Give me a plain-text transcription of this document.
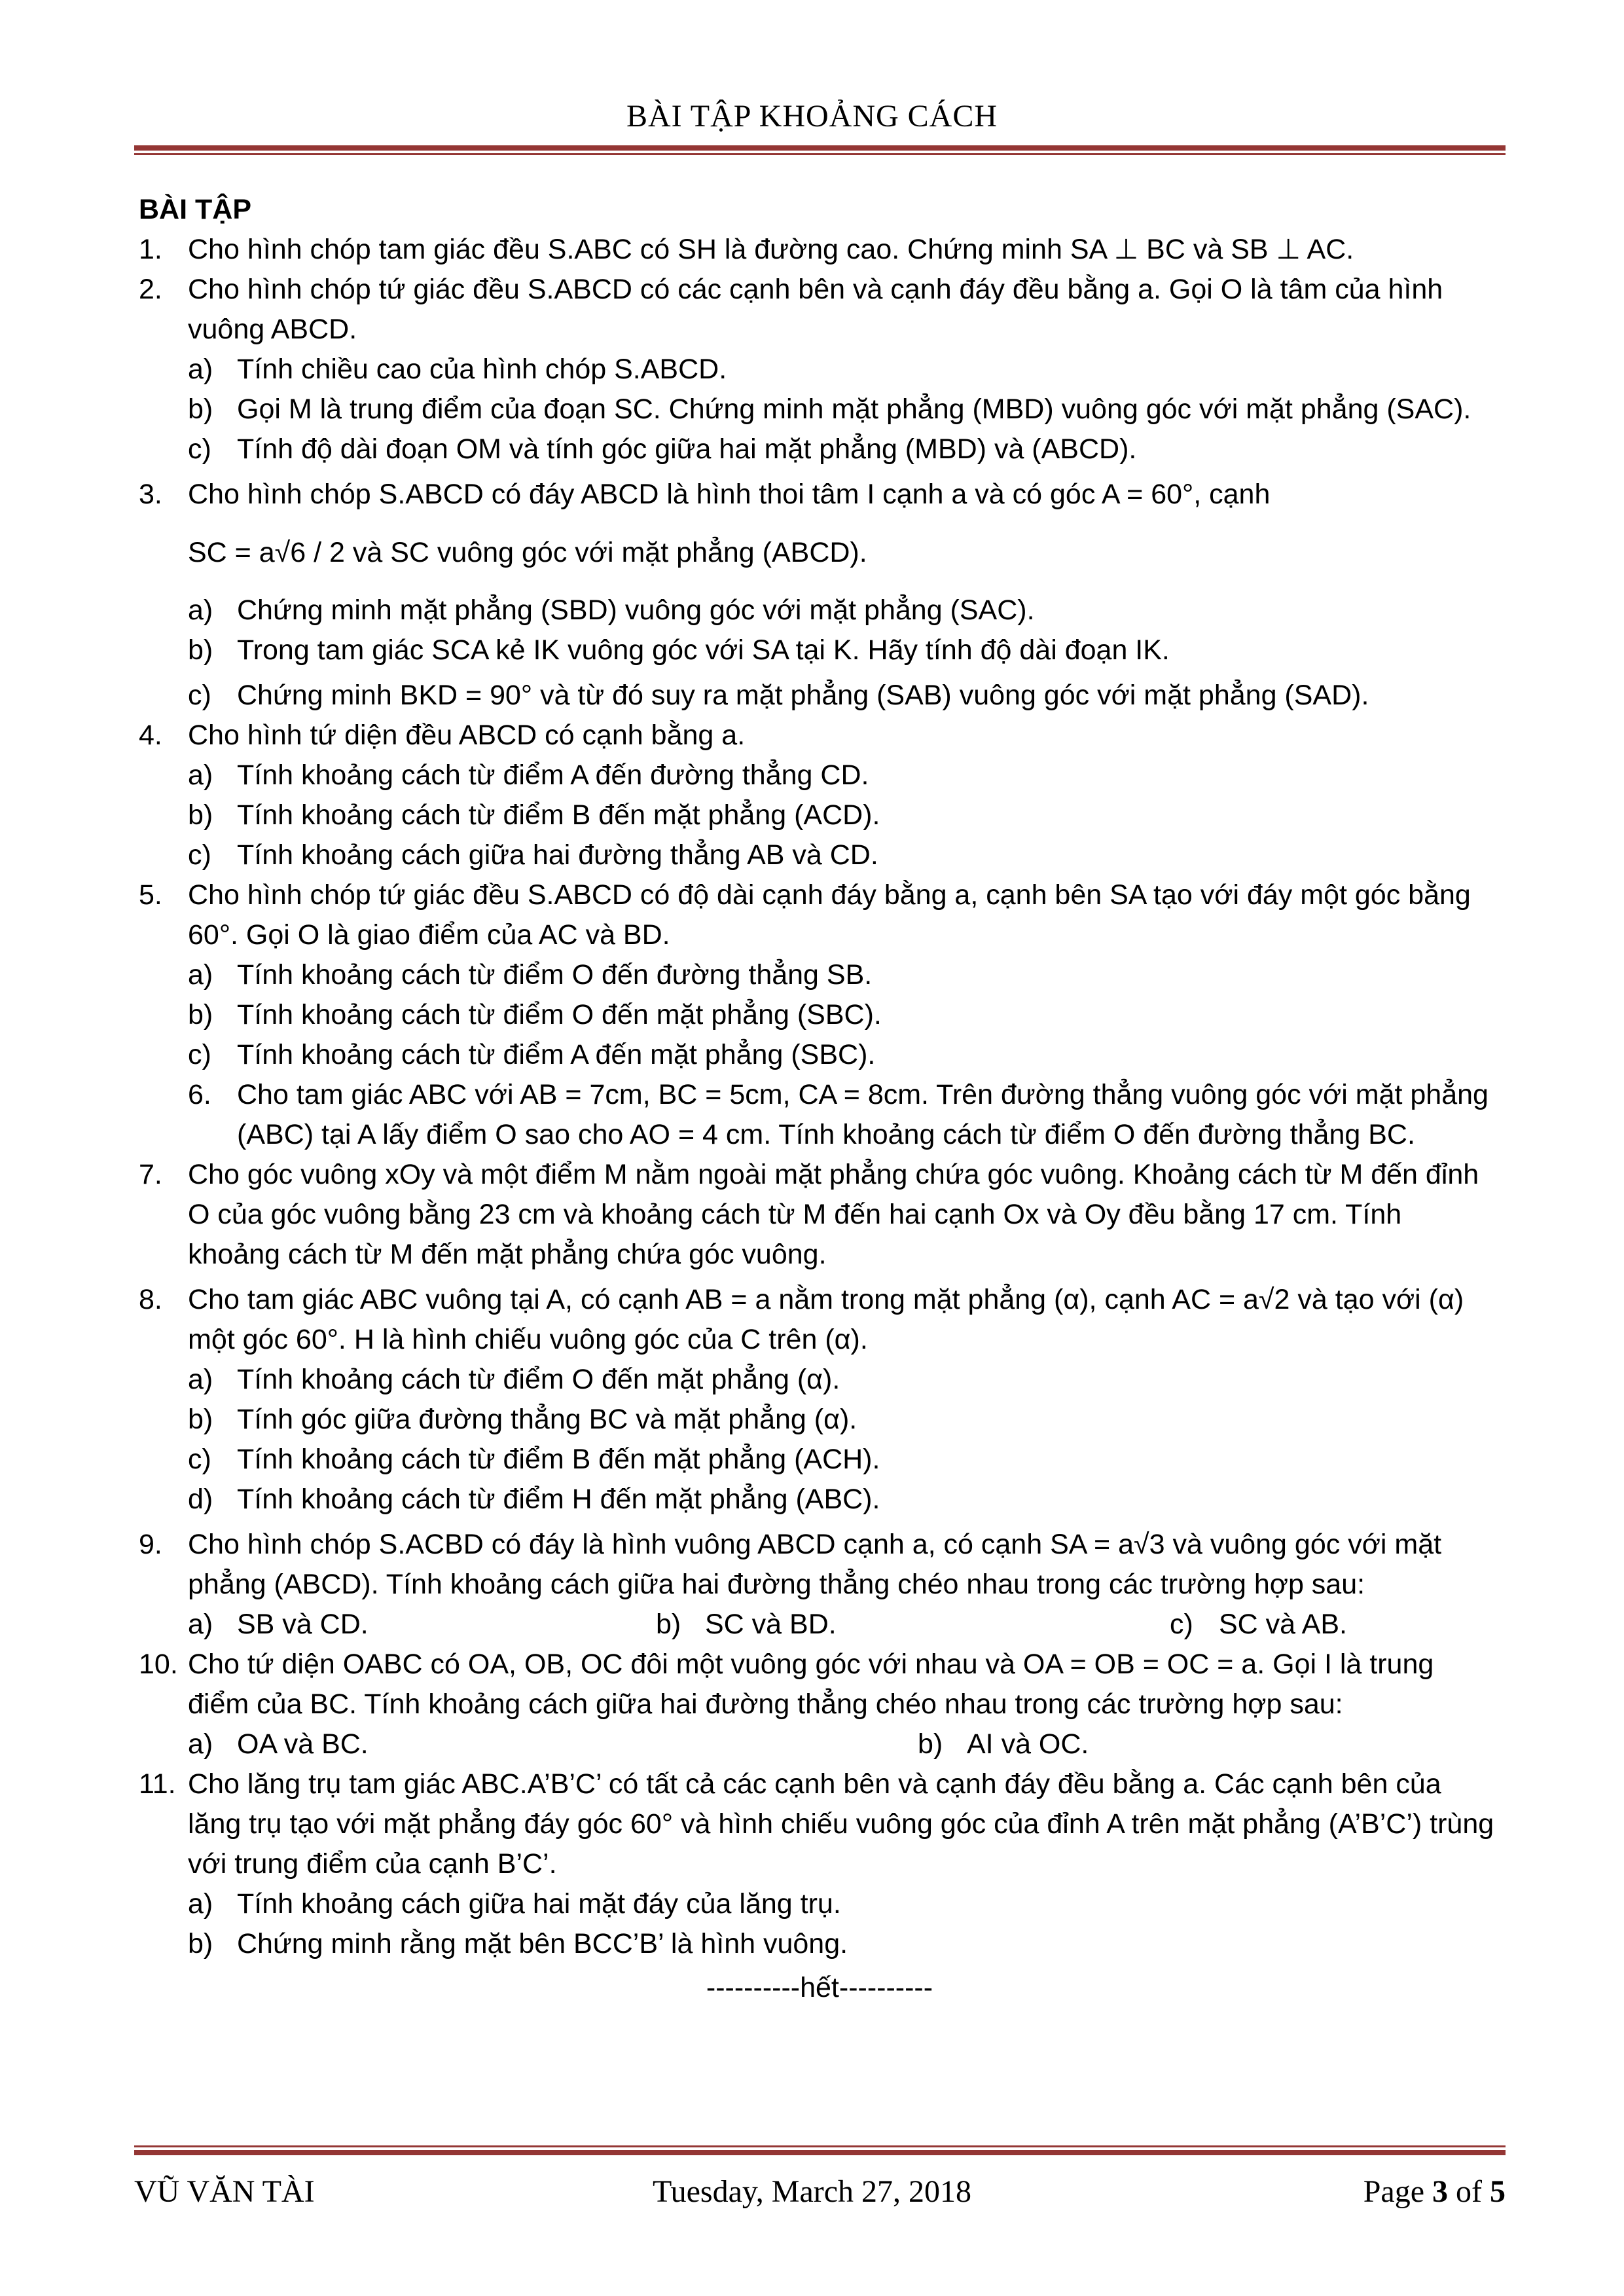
BÀI TẬP KHOẢNG CÁCH
BÀI TẬP
1. Cho hình chóp tam giác đều S.ABC có SH là đường cao. Chứng minh SA ⊥ BC và SB ⊥ AC.
2. Cho hình chóp tứ giác đều S.ABCD có các cạnh bên và cạnh đáy đều bằng a. Gọi O là tâm của hình vuông ABCD.
a) Tính chiều cao của hình chóp S.ABCD.
b) Gọi M là trung điểm của đoạn SC. Chứng minh mặt phẳng (MBD) vuông góc với mặt phẳng (SAC).
c) Tính độ dài đoạn OM và tính góc giữa hai mặt phẳng (MBD) và (ABCD).
3. Cho hình chóp S.ABCD có đáy ABCD là hình thoi tâm I cạnh a và có góc A = 60°, cạnh
SC = a√6 / 2 và SC vuông góc với mặt phẳng (ABCD).
a) Chứng minh mặt phẳng (SBD) vuông góc với mặt phẳng (SAC).
b) Trong tam giác SCA kẻ IK vuông góc với SA tại K. Hãy tính độ dài đoạn IK.
c) Chứng minh BKD = 90° và từ đó suy ra mặt phẳng (SAB) vuông góc với mặt phẳng (SAD).
4. Cho hình tứ diện đều ABCD có cạnh bằng a.
a) Tính khoảng cách từ điểm A đến đường thẳng CD.
b) Tính khoảng cách từ điểm B đến mặt phẳng (ACD).
c) Tính khoảng cách giữa hai đường thẳng AB và CD.
5. Cho hình chóp tứ giác đều S.ABCD có độ dài cạnh đáy bằng a, cạnh bên SA tạo với đáy một góc bằng 60°. Gọi O là giao điểm của AC và BD.
a) Tính khoảng cách từ điểm O đến đường thẳng SB.
b) Tính khoảng cách từ điểm O đến mặt phẳng (SBC).
c) Tính khoảng cách từ điểm A đến mặt phẳng (SBC).
6. Cho tam giác ABC với AB = 7cm, BC = 5cm, CA = 8cm. Trên đường thẳng vuông góc với mặt phẳng (ABC) tại A lấy điểm O sao cho AO = 4 cm. Tính khoảng cách từ điểm O đến đường thẳng BC.
7. Cho góc vuông xOy và một điểm M nằm ngoài mặt phẳng chứa góc vuông. Khoảng cách từ M đến đỉnh O của góc vuông bằng 23 cm và khoảng cách từ M đến hai cạnh Ox và Oy đều bằng 17 cm. Tính khoảng cách từ M đến mặt phẳng chứa góc vuông.
8. Cho tam giác ABC vuông tại A, có cạnh AB = a nằm trong mặt phẳng (α), cạnh AC = a√2 và tạo với (α) một góc 60°. H là hình chiếu vuông góc của C trên (α).
a) Tính khoảng cách từ điểm O đến mặt phẳng (α).
b) Tính góc giữa đường thẳng BC và mặt phẳng (α).
c) Tính khoảng cách từ điểm B đến mặt phẳng (ACH).
d) Tính khoảng cách từ điểm H đến mặt phẳng (ABC).
9. Cho hình chóp S.ACBD có đáy là hình vuông ABCD cạnh a, có cạnh SA = a√3 và vuông góc với mặt phẳng (ABCD). Tính khoảng cách giữa hai đường thẳng chéo nhau trong các trường hợp sau:
a) SB và CD.	b) SC và BD.	c) SC và AB.
10. Cho tứ diện OABC có OA, OB, OC đôi một vuông góc với nhau và OA = OB = OC = a. Gọi I là trung điểm của BC. Tính khoảng cách giữa hai đường thẳng chéo nhau trong các trường hợp sau:
a) OA và BC.	b) AI và OC.
11. Cho lăng trụ tam giác ABC.A’B’C’ có tất cả các cạnh bên và cạnh đáy đều bằng a. Các cạnh bên của lăng trụ tạo với mặt phẳng đáy góc 60° và hình chiếu vuông góc của đỉnh A trên mặt phẳng (A’B’C’) trùng với trung điểm của cạnh B’C’.
a) Tính khoảng cách giữa hai mặt đáy của lăng trụ.
b) Chứng minh rằng mặt bên BCC’B’ là hình vuông.
----------hết----------
VŨ VĂN TÀI	Tuesday, March 27, 2018	Page 3 of 5
